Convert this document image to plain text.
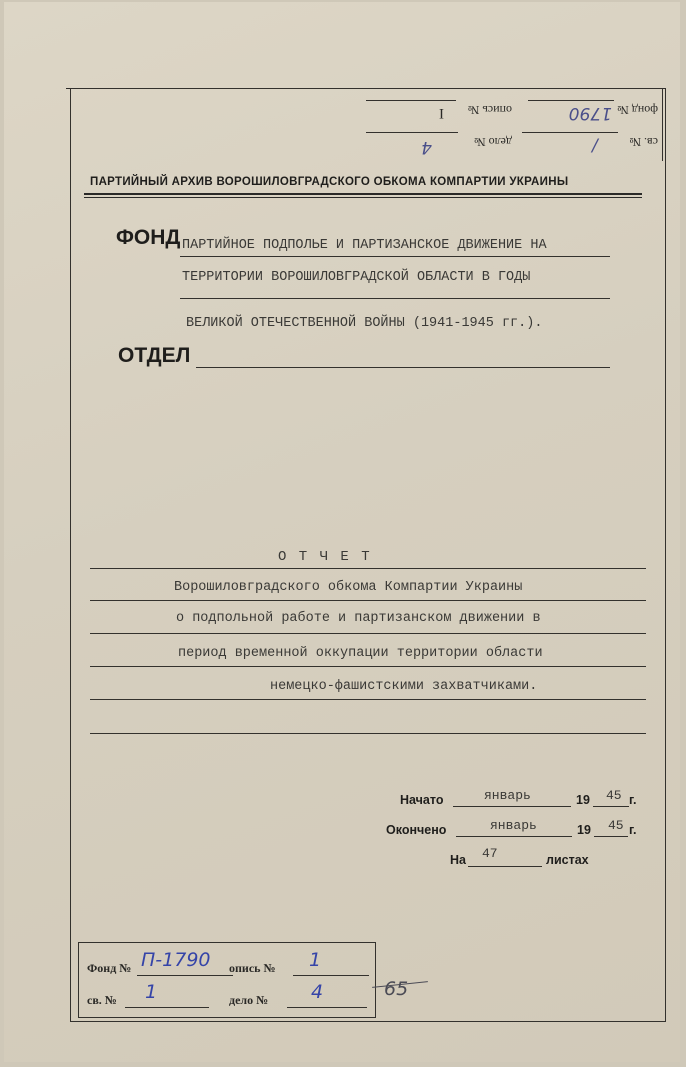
фонд №
1790
опись №
I
св. №
/
дело №
4
ПАРТИЙНЫЙ АРХИВ ВОРОШИЛОВГРАДСКОГО ОБКОМА КОМПАРТИИ УКРАИНЫ
ФОНД ПАРТИЙНОЕ ПОДПОЛЬЕ И ПАРТИЗАНСКОЕ ДВИЖЕНИЕ НА
ТЕРРИТОРИИ ВОРОШИЛОВГРАДСКОЙ ОБЛАСТИ В ГОДЫ
ВЕЛИКОЙ ОТЕЧЕСТВЕННОЙ ВОЙНЫ (1941-1945 гг.).
ОТДЕЛ
О Т Ч Е Т
Ворошиловградского обкома Компартии Украины
о подпольной работе и партизанском движении в
период временной оккупации территории области
немецко-фашистскими захватчиками.
Начато	январь	19 45 г.
Окончено	январь	19 45 г.
На 47	листах
Фонд № П-1790 опись № 1
св. № 1	дело № 4	65
